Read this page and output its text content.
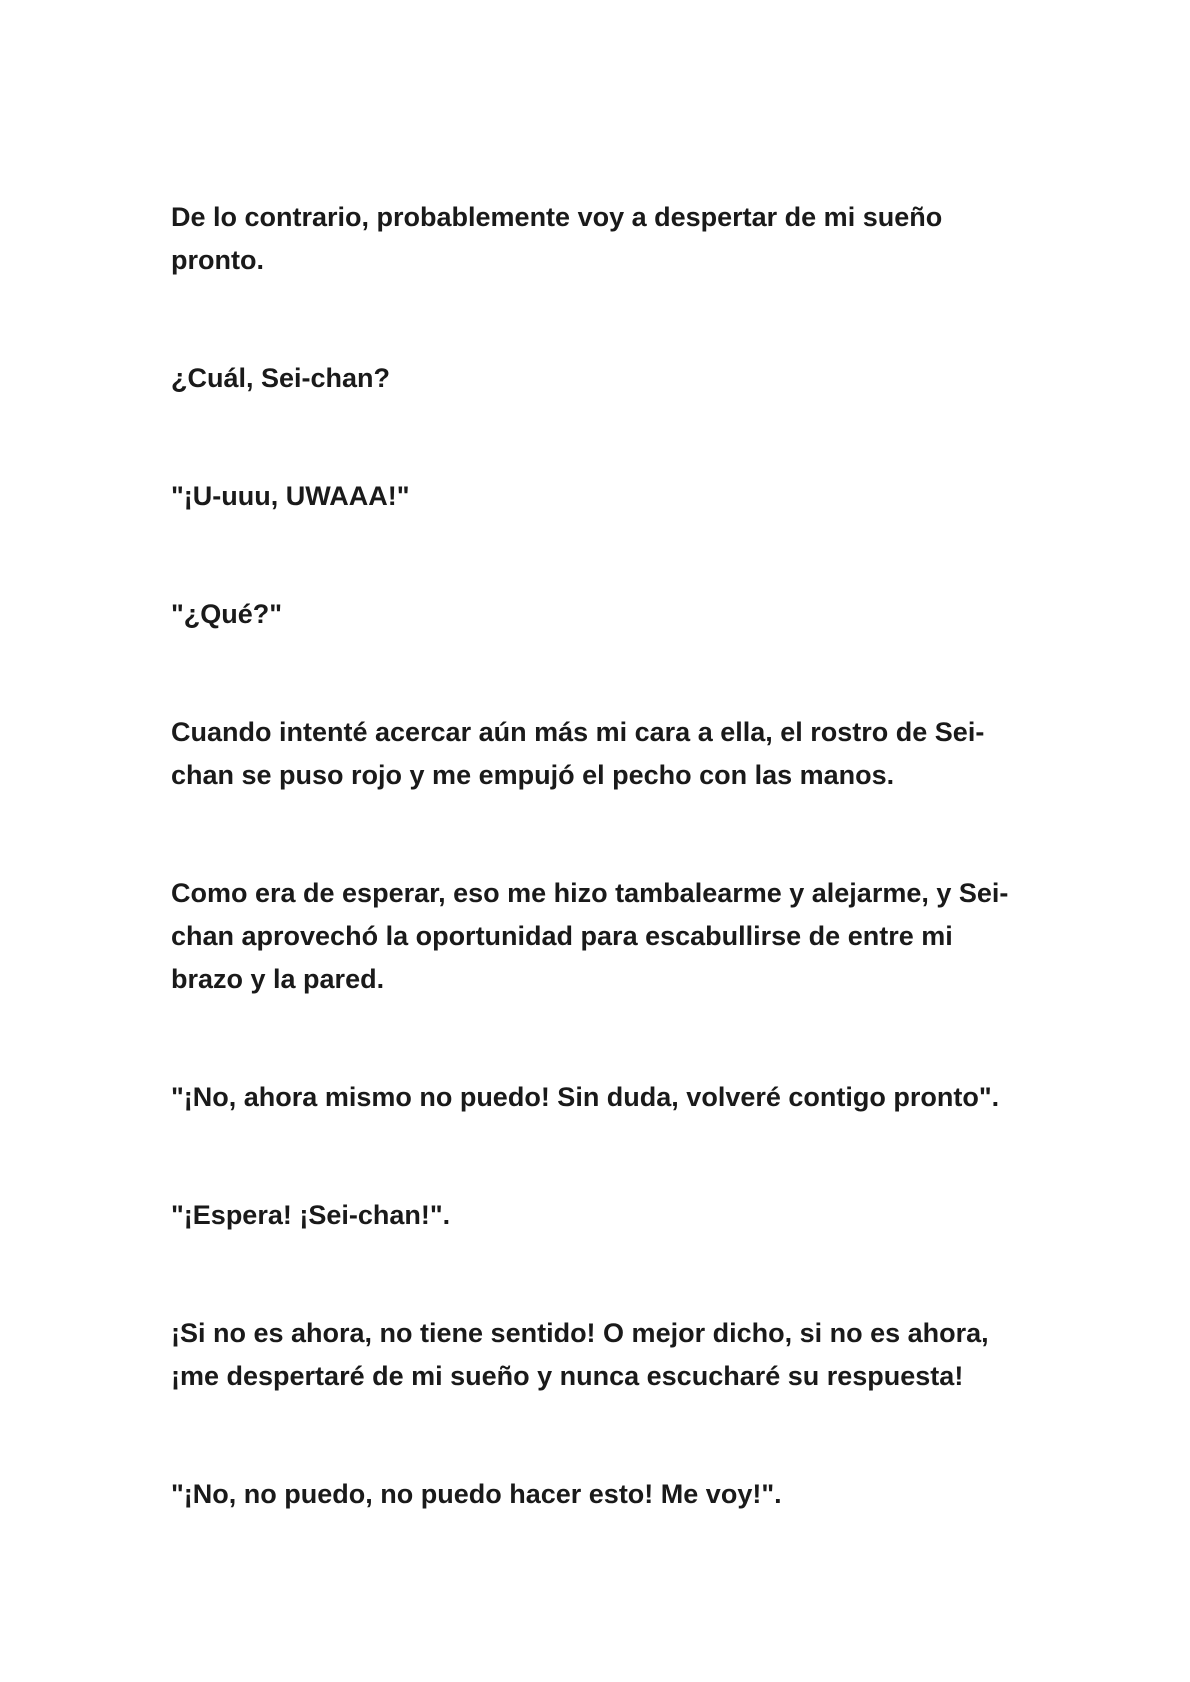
De lo contrario, probablemente voy a despertar de mi sueño pronto.

¿Cuál, Sei-chan?

"¡U-uuu, UWAAA!"

"¿Qué?"

Cuando intenté acercar aún más mi cara a ella, el rostro de Sei-chan se puso rojo y me empujó el pecho con las manos.

Como era de esperar, eso me hizo tambalearme y alejarme, y Sei-chan aprovechó la oportunidad para escabullirse de entre mi brazo y la pared.

"¡No, ahora mismo no puedo! Sin duda, volveré contigo pronto".

"¡Espera! ¡Sei-chan!".

¡Si no es ahora, no tiene sentido! O mejor dicho, si no es ahora, ¡me despertaré de mi sueño y nunca escucharé su respuesta!

"¡No, no puedo, no puedo hacer esto! Me voy!".
